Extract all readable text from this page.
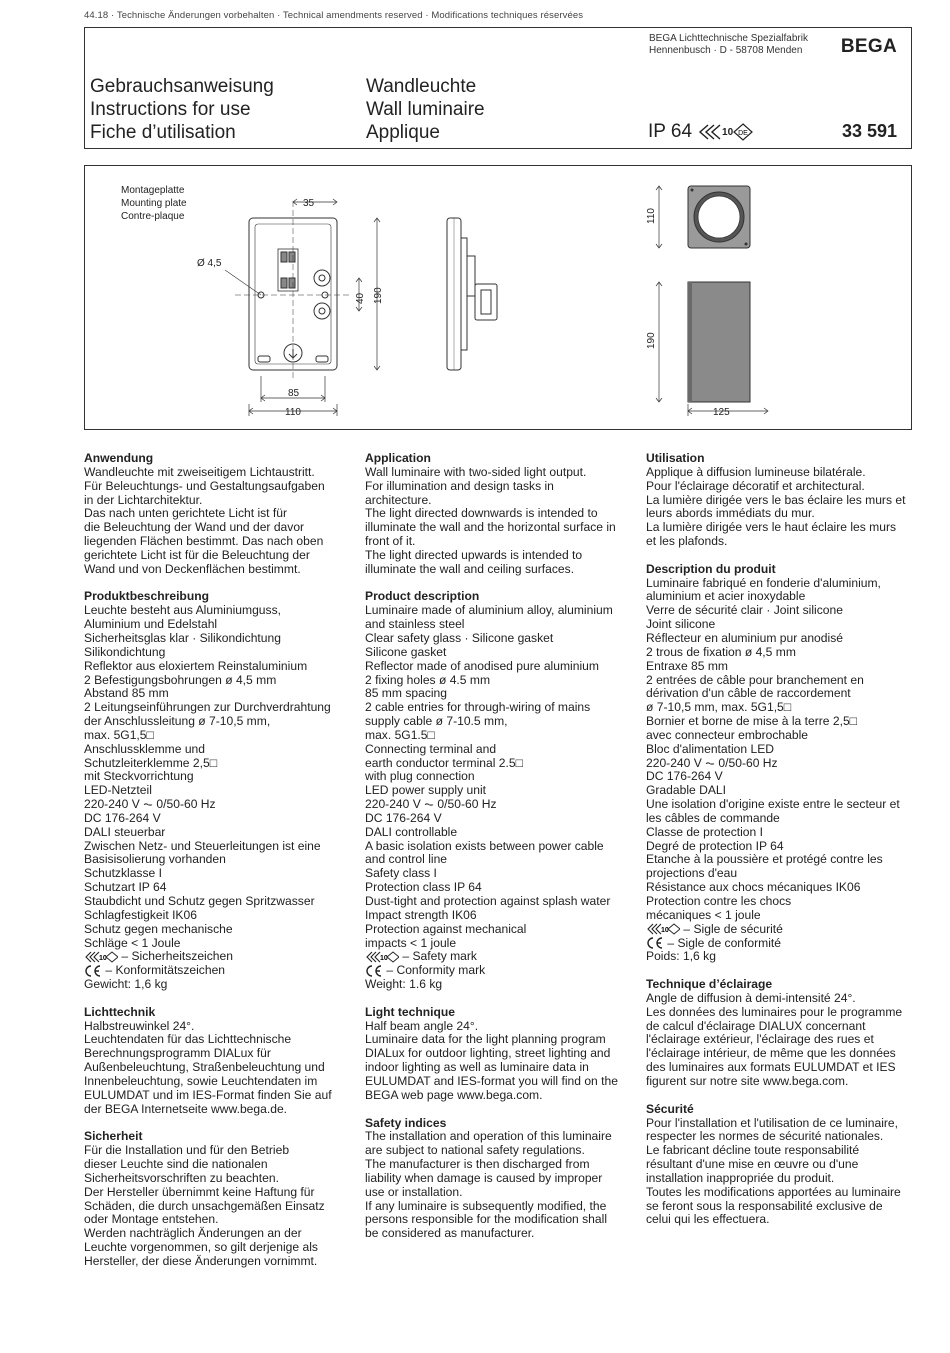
44.18 · Technische Änderungen vorbehalten · Technical amendments reserved · Modifications techniques réservées
BEGA Lichttechnische Spezialfabrik
Hennenbusch · D - 58708 Menden BEGA
Gebrauchsanweisung
Instructions for use
Fiche d’utilisation
Wandleuchte
Wall luminaire
Applique	IP 64	10 DE	33 591
Montageplatte
Mounting plate
Contre-plaque
35
Ø 4,5
40 190
85
110
110
190
125
Anwendung

Wandleuchte mit zweiseitigem Lichtaustritt.
Für Beleuchtungs- und Gestaltungsaufgaben
in der Lichtarchitektur.
Das nach unten gerichtete Licht ist für
die Beleuchtung der Wand und der davor
liegenden Flächen bestimmt. Das nach oben
gerichtete Licht ist für die Beleuchtung der
Wand und von Deckenflächen bestimmt.

Produktbeschreibung

Leuchte besteht aus Aluminiumguss,
Aluminium und Edelstahl
Sicherheitsglas klar · Silikondichtung
Silikondichtung
Reflektor aus eloxiertem Reinstaluminium
2 Befestigungsbohrungen ø 4,5 mm
Abstand 85 mm
2 Leitungseinführungen zur Durchverdrahtung
der Anschlussleitung ø 7-10,5 mm,
max. 5G1,5□
Anschlussklemme und
Schutzleiterklemme 2,5□
mit Steckvorrichtung
LED-Netzteil
220-240 V ⏦ 0/50-60 Hz
DC 176-264 V
DALI steuerbar
Zwischen Netz- und Steuerleitungen ist eine
Basisisolierung vorhanden
Schutzklasse I
Schutzart IP 64
Staubdicht und Schutz gegen Spritzwasser
Schlagfestigkeit IK06
Schutz gegen mechanische
Schläge < 1 Joule
10 – Sicherheitszeichen
– Konformitätszeichen
Gewicht: 1,6 kg

Lichttechnik

Halbstreuwinkel 24°.
Leuchtendaten für das Lichttechnische
Berechnungsprogramm DIALux für
Außenbeleuchtung, Straßenbeleuchtung und
Innenbeleuchtung, sowie Leuchtendaten im
EULUMDAT und im IES-Format finden Sie auf
der BEGA Internetseite www.bega.de.

Sicherheit

Für die Installation und für den Betrieb
dieser Leuchte sind die nationalen
Sicherheitsvorschriften zu beachten.
Der Hersteller übernimmt keine Haftung für
Schäden, die durch unsachgemäßen Einsatz
oder Montage entstehen.
Werden nachträglich Änderungen an der
Leuchte vorgenommen, so gilt derjenige als
Hersteller, der diese Änderungen vornimmt.

Application

Wall luminaire with two-sided light output.
For illumination and design tasks in
architecture.
The light directed downwards is intended to
illuminate the wall and the horizontal surface in
front of it.
The light directed upwards is intended to
illuminate the wall and ceiling surfaces.

Product description

Luminaire made of aluminium alloy, aluminium
and stainless steel
Clear safety glass · Silicone gasket
Silicone gasket
Reflector made of anodised pure aluminium
2 fixing holes ø 4.5 mm
85 mm spacing
2 cable entries for through-wiring of mains
supply cable ø 7-10.5 mm,
max. 5G1.5□
Connecting terminal and
earth conductor terminal 2.5□
with plug connection
LED power supply unit
220-240 V ⏦ 0/50-60 Hz
DC 176-264 V
DALI controllable
A basic isolation exists between power cable
and control line
Safety class I
Protection class IP 64
Dust-tight and protection against splash water
Impact strength IK06
Protection against mechanical
impacts < 1 joule
10 – Safety mark
– Conformity mark
Weight: 1.6 kg

Light technique

Half beam angle 24°.
Luminaire data for the light planning program
DIALux for outdoor lighting, street lighting and
indoor lighting as well as luminaire data in
EULUMDAT and IES-format you will find on the
BEGA web page www.bega.com.

Safety indices

The installation and operation of this luminaire
are subject to national safety regulations.
The manufacturer is then discharged from
liability when damage is caused by improper
use or installation.
If any luminaire is subsequently modified, the
persons responsible for the modification shall
be considered as manufacturer.

Utilisation

Applique à diffusion lumineuse bilatérale.
Pour l'éclairage décoratif et architectural.
La lumière dirigée vers le bas éclaire les murs et
leurs abords immédiats du mur.
La lumière dirigée vers le haut éclaire les murs
et les plafonds.

Description du produit

Luminaire fabriqué en fonderie d'aluminium,
aluminium et acier inoxydable
Verre de sécurité clair · Joint silicone
Joint silicone
Réflecteur en aluminium pur anodisé
2 trous de fixation ø 4,5 mm
Entraxe 85 mm
2 entrées de câble pour branchement en
dérivation d'un câble de raccordement
ø 7-10,5 mm, max. 5G1,5□
Bornier et borne de mise à la terre 2,5□
avec connecteur embrochable
Bloc d'alimentation LED
220-240 V ⏦ 0/50-60 Hz
DC 176-264 V
Gradable DALI
Une isolation d'origine existe entre le secteur et
les câbles de commande
Classe de protection I
Degré de protection IP 64
Etanche à la poussière et protégé contre les
projections d'eau
Résistance aux chocs mécaniques IK06
Protection contre les chocs
mécaniques < 1 joule
10 – Sigle de sécurité
– Sigle de conformité
Poids: 1,6 kg

Technique d’éclairage

Angle de diffusion à demi-intensité 24°.
Les données des luminaires pour le programme
de calcul d'éclairage DIALUX concernant
l'éclairage extérieur, l'éclairage des rues et
l'éclairage intérieur, de même que les données
des luminaires aux formats EULUMDAT et IES
figurent sur notre site www.bega.com.

Sécurité

Pour l'installation et l'utilisation de ce luminaire,
respecter les normes de sécurité nationales.
Le fabricant décline toute responsabilité
résultant d'une mise en œuvre ou d'une
installation inappropriée du produit.
Toutes les modifications apportées au luminaire
se feront sous la responsabilité exclusive de
celui qui les effectuera.
